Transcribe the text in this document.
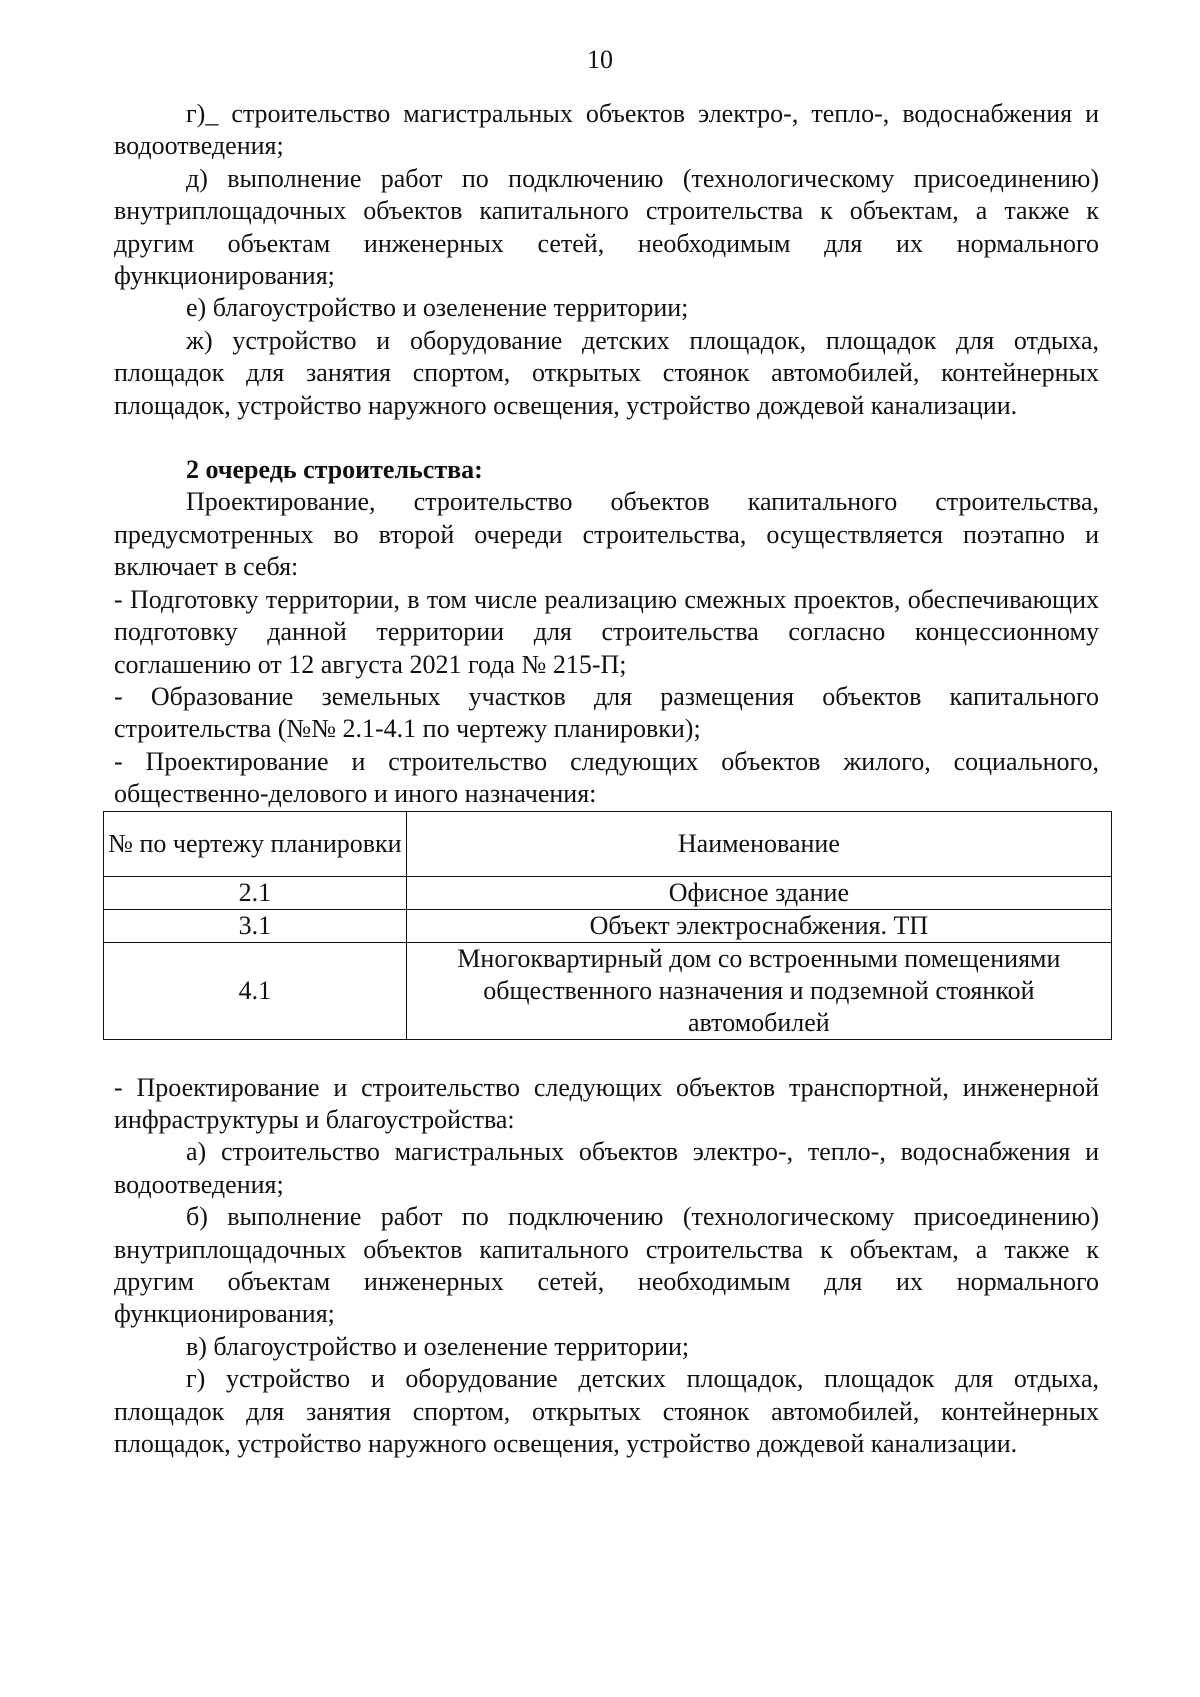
10

г)_ строительство магистральных объектов электро-, тепло-, водоснабжения и водоотведения;

д) выполнение работ по подключению (технологическому присоединению) внутриплощадочных объектов капитального строительства к объектам, а также к другим объектам инженерных сетей, необходимым для их нормального функционирования;

е) благоустройство и озеленение территории;

ж) устройство и оборудование детских площадок, площадок для отдыха, площадок для занятия спортом, открытых стоянок автомобилей, контейнерных площадок, устройство наружного освещения, устройство дождевой канализации.

2 очередь строительства:

Проектирование, строительство объектов капитального строительства, предусмотренных во второй очереди строительства, осуществляется поэтапно и включает в себя:

- Подготовку территории, в том числе реализацию смежных проектов, обеспечивающих подготовку данной территории для строительства согласно концессионному соглашению от 12 августа 2021 года № 215-П;

- Образование земельных участков для размещения объектов капитального строительства (№№ 2.1-4.1 по чертежу планировки);

- Проектирование и строительство следующих объектов жилого, социального, общественно-делового и иного назначения:

№ по чертежу планировки	Наименование
2.1	Офисное здание
3.1	Объект электроснабжения. ТП
4.1	Многоквартирный дом со встроенными помещениями общественного назначения и подземной стоянкой автомобилей

- Проектирование и строительство следующих объектов транспортной, инженерной инфраструктуры и благоустройства:

а) строительство магистральных объектов электро-, тепло-, водоснабжения и водоотведения;

б) выполнение работ по подключению (технологическому присоединению) внутриплощадочных объектов капитального строительства к объектам, а также к другим объектам инженерных сетей, необходимым для их нормального функционирования;

в) благоустройство и озеленение территории;

г) устройство и оборудование детских площадок, площадок для отдыха, площадок для занятия спортом, открытых стоянок автомобилей, контейнерных площадок, устройство наружного освещения, устройство дождевой канализации.
